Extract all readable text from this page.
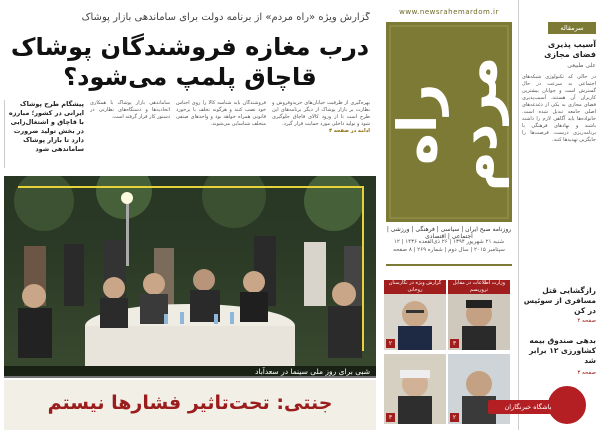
گزارش ویژه «راه مردم» از برنامه دولت برای ساماندهی بازار پوشاک
درب مغازه فروشندگان پوشاک قاچاق پلمپ می‌شود؟

بهره‌گیری از ظرفیت خیابان‌های خریدوفروش و نظارت بر بازار پوشاک از دیگر برنامه‌های این طرح است تا از ورود کالای قاچاق جلوگیری شود و تولید داخلی مورد حمایت قرار گیرد.

ادامه در صفحه ۴

فروشندگان باید شناسه کالا را روی اجناس خود نصب کنند و هرگونه تخلف با برخورد قانونی همراه خواهد بود و واحدهای صنفی متخلف شناسایی می‌شوند.
ساماندهی بازار پوشاک با همکاری اتحادیه‌ها و دستگاه‌های نظارتی در دستور کار قرار گرفته است.
پیشگام طرح پوشاک ایرانی در کشور؛ مبارزه با قاچاق و اشتغال‌زایی در بخش تولید ضرورت دارد تا بازار پوشاک ساماندهی شود
شبی برای روز ملی سینما در سعدآباد
جنتی: تحت‌تاثیر فشارها نیستم
www.newsrahemardom.ir
راه مردم
روزنامه صبح ایران | سیاسی | فرهنگی | ورزشی | اجتماعی | اقتصادی
شنبه ۲۱ شهریور ۱۳۹۴ | ۲۶ ذی‌القعده ۱۴۳۶ | ۱۲ سپتامبر ۲۰۱۵ | سال دوم | شماره ۲۶۹ | ۸ صفحه
وزارت اطلاعات در مقابل تروریسم
۳
گزارش ویژه در نگارستان روحانی
۲
۲
۳
سرمقاله
آسیب پذیری فضای مجازی
علی طبیعی
در حالی که تکنولوژی شبکه‌های اجتماعی به سرعت در حال گسترش است و جوانان بیشترین کاربران آن هستند، آسیب‌پذیری فضای مجازی به یکی از دغدغه‌های اصلی جامعه تبدیل شده است. خانواده‌ها باید آگاهی لازم را داشته باشند و نهادهای فرهنگی با برنامه‌ریزی درست، فرصت‌ها را جایگزین تهدیدها کنند.
رازگشایی قتل مسافری از سوئیس در کن
صفحه ۴
بدهی صندوق بیمه کشاورزی ۱۲ برابر شد
صفحه ۳
باشگاه خبرنگاران
